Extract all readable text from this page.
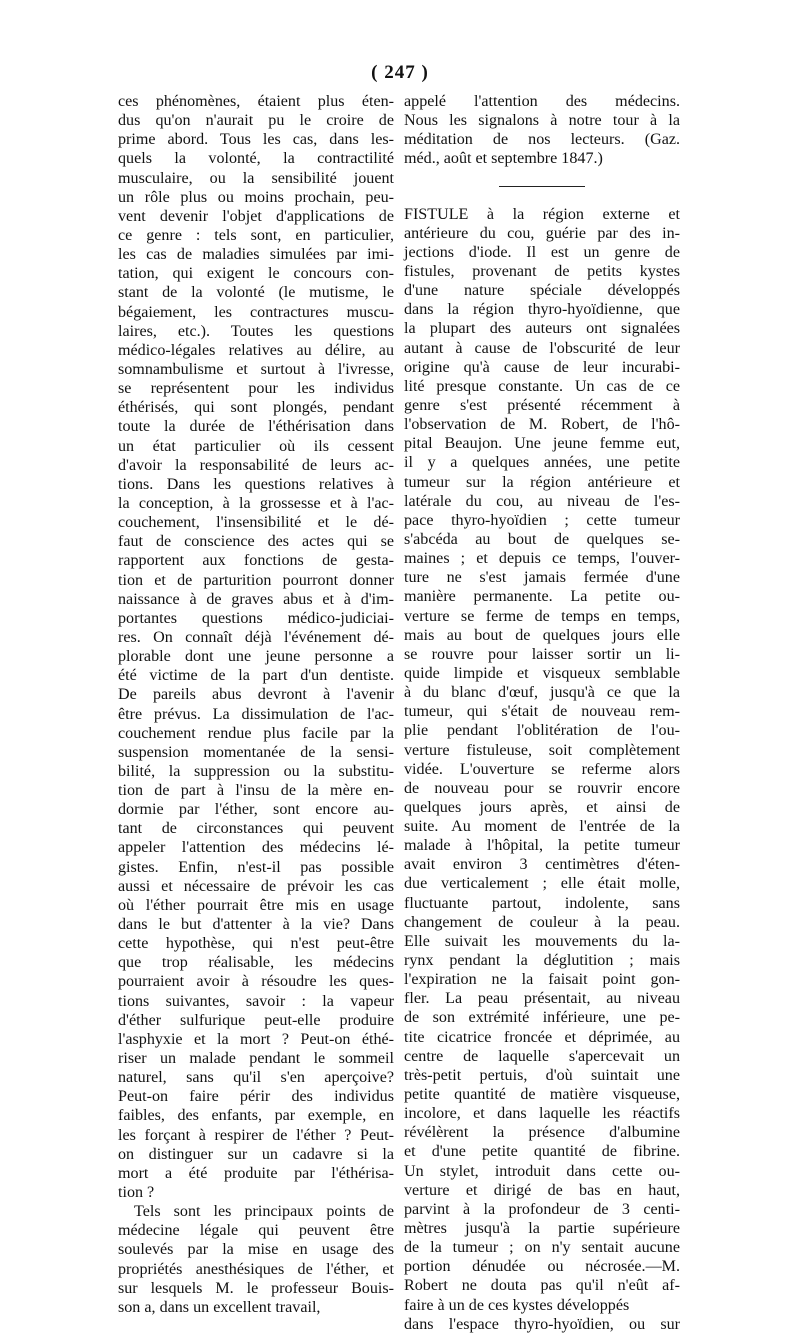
( 247 )
ces phénomènes, étaient plus éten-
dus qu'on n'aurait pu le croire de
prime abord. Tous les cas, dans les-
quels la volonté, la contractilité
musculaire, ou la sensibilité jouent
un rôle plus ou moins prochain, peu-
vent devenir l'objet d'applications de
ce genre : tels sont, en particulier,
les cas de maladies simulées par imi-
tation, qui exigent le concours con-
stant de la volonté (le mutisme, le
bégaiement, les contractures muscu-
laires, etc.). Toutes les questions
médico-légales relatives au délire, au
somnambulisme et surtout à l'ivresse,
se représentent pour les individus
éthérisés, qui sont plongés, pendant
toute la durée de l'éthérisation dans
un état particulier où ils cessent
d'avoir la responsabilité de leurs ac-
tions. Dans les questions relatives à
la conception, à la grossesse et à l'ac-
couchement, l'insensibilité et le dé-
faut de conscience des actes qui se
rapportent aux fonctions de gesta-
tion et de parturition pourront donner
naissance à de graves abus et à d'im-
portantes questions médico-judiciai-
res. On connaît déjà l'événement dé-
plorable dont une jeune personne a
été victime de la part d'un dentiste.
De pareils abus devront à l'avenir
être prévus. La dissimulation de l'ac-
couchement rendue plus facile par la
suspension momentanée de la sensi-
bilité, la suppression ou la substitu-
tion de part à l'insu de la mère en-
dormie par l'éther, sont encore au-
tant de circonstances qui peuvent
appeler l'attention des médecins lé-
gistes. Enfin, n'est-il pas possible
aussi et nécessaire de prévoir les cas
où l'éther pourrait être mis en usage
dans le but d'attenter à la vie? Dans
cette hypothèse, qui n'est peut-être
que trop réalisable, les médecins
pourraient avoir à résoudre les ques-
tions suivantes, savoir : la vapeur
d'éther sulfurique peut-elle produire
l'asphyxie et la mort ? Peut-on éthé-
riser un malade pendant le sommeil
naturel, sans qu'il s'en aperçoive?
Peut-on faire périr des individus
faibles, des enfants, par exemple, en
les forçant à respirer de l'éther ? Peut-
on distinguer sur un cadavre si la
mort a été produite par l'éthérisa-
tion ?
Tels sont les principaux points de
médecine légale qui peuvent être
soulevés par la mise en usage des
propriétés anesthésiques de l'éther, et
sur lesquels M. le professeur Bouis-
son a, dans un excellent travail,
appelé l'attention des médecins.
Nous les signalons à notre tour à la
méditation de nos lecteurs. (Gaz.
méd., août et septembre 1847.)
FISTULE à la région externe et
antérieure du cou, guérie par des in-
jections d'iode. Il est un genre de
fistules, provenant de petits kystes
d'une nature spéciale développés
dans la région thyro-hyoïdienne, que
la plupart des auteurs ont signalées
autant à cause de l'obscurité de leur
origine qu'à cause de leur incurabi-
lité presque constante. Un cas de ce
genre s'est présenté récemment à
l'observation de M. Robert, de l'hô-
pital Beaujon. Une jeune femme eut,
il y a quelques années, une petite
tumeur sur la région antérieure et
latérale du cou, au niveau de l'es-
pace thyro-hyoïdien ; cette tumeur
s'abcéda au bout de quelques se-
maines ; et depuis ce temps, l'ouver-
ture ne s'est jamais fermée d'une
manière permanente. La petite ou-
verture se ferme de temps en temps,
mais au bout de quelques jours elle
se rouvre pour laisser sortir un li-
quide limpide et visqueux semblable
à du blanc d'œuf, jusqu'à ce que la
tumeur, qui s'était de nouveau rem-
plie pendant l'oblitération de l'ou-
verture fistuleuse, soit complètement
vidée. L'ouverture se referme alors
de nouveau pour se rouvrir encore
quelques jours après, et ainsi de
suite. Au moment de l'entrée de la
malade à l'hôpital, la petite tumeur
avait environ 3 centimètres d'éten-
due verticalement ; elle était molle,
fluctuante partout, indolente, sans
changement de couleur à la peau.
Elle suivait les mouvements du la-
rynx pendant la déglutition ; mais
l'expiration ne la faisait point gon-
fler. La peau présentait, au niveau
de son extrémité inférieure, une pe-
tite cicatrice froncée et déprimée, au
centre de laquelle s'apercevait un
très-petit pertuis, d'où suintait une
petite quantité de matière visqueuse,
incolore, et dans laquelle les réactifs
révélèrent la présence d'albumine
et d'une petite quantité de fibrine.
Un stylet, introduit dans cette ou-
verture et dirigé de bas en haut,
parvint à la profondeur de 3 centi-
mètres jusqu'à la partie supérieure
de la tumeur ; on n'y sentait aucune
portion dénudée ou nécrosée.—M.
Robert ne douta pas qu'il n'eût af-
faire à un de ces kystes développés
dans l'espace thyro-hyoïdien, ou sur
